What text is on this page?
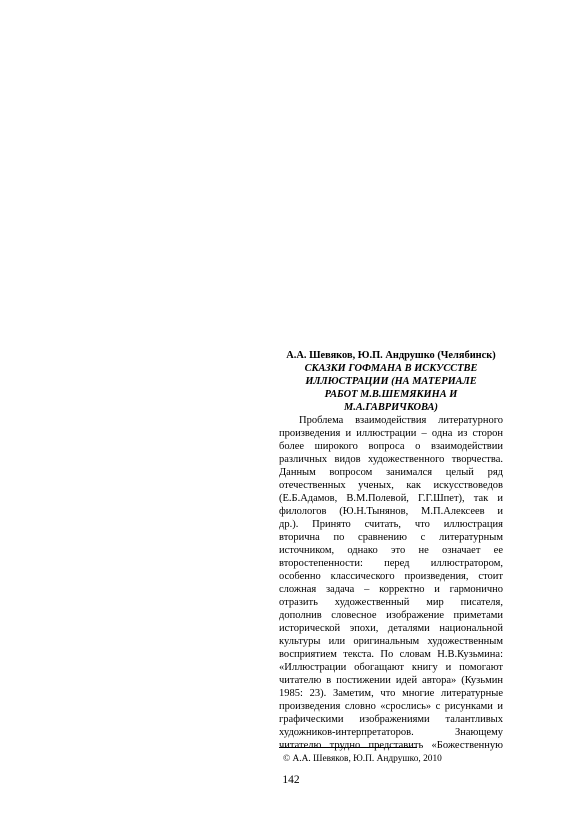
А.А. Шевяков, Ю.П. Андрушко (Челябинск)

СКАЗКИ ГОФМАНА В ИСКУССТВЕ
ИЛЛЮСТРАЦИИ (НА МАТЕРИАЛЕ
РАБОТ М.В.ШЕМЯКИНА И
М.А.ГАВРИЧКОВА)
Проблема взаимодействия литературного
произведения и иллюстрации – одна из сторон
более широкого вопроса о взаимодействии
различных видов художественного творчества.
Данным вопросом занимался целый ряд
отечественных ученых, как искусствоведов
(Е.Б.Адамов, В.М.Полевой, Г.Г.Шпет), так и
филологов (Ю.Н.Тынянов, М.П.Алексеев и
др.). Принято считать, что иллюстрация
вторична по сравнению с литературным
источником, однако это не означает ее
второстепенности: перед иллюстратором,
особенно классического произведения, стоит
сложная задача – корректно и гармонично
отразить художественный мир писателя,
дополнив словесное изображение приметами
исторической эпохи, деталями национальной
культуры или оригинальным художественным
восприятием текста. По словам Н.В.Кузьмина:
«Иллюстрации обогащают книгу и помогают
читателю в постижении идей автора» (Кузьмин
1985: 23). Заметим, что многие литературные
произведения словно «срослись» с рисунками и
графическими изображениями талантливых
художников-интерпретаторов. Знающему
читателю трудно представить «Божественную
© А.А. Шевяков, Ю.П. Андрушко, 2010
142
